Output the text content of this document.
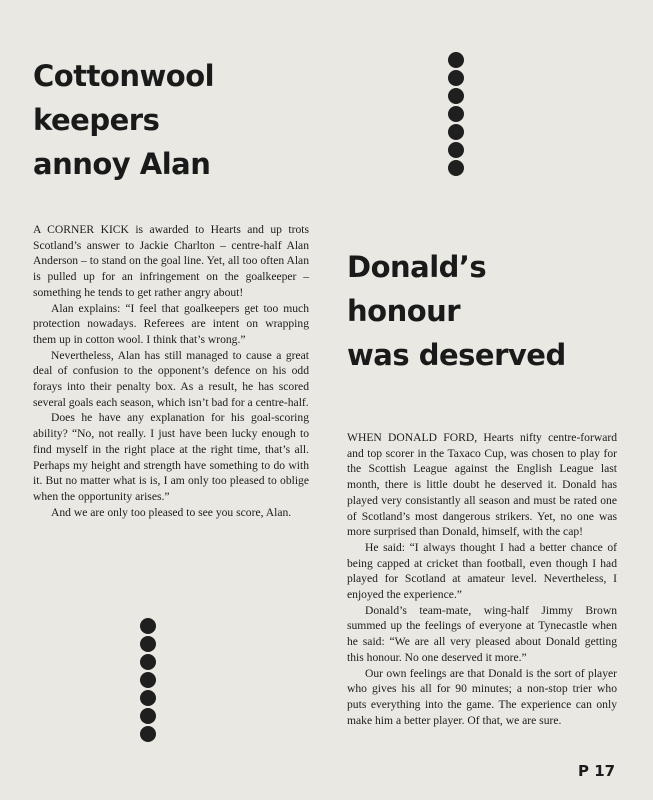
Cottonwool
keepers
annoy Alan

A CORNER KICK is awarded to Hearts and up trots Scotland’s answer to Jackie Charlton – centre-half Alan Anderson – to stand on the goal line. Yet, all too often Alan is pulled up for an infringement on the goalkeeper – something he tends to get rather angry about!

Alan explains: “I feel that goalkeepers get too much protection nowadays. Referees are intent on wrapping them up in cotton wool. I think that’s wrong.”

Nevertheless, Alan has still managed to cause a great deal of confusion to the opponent’s defence on his odd forays into their penalty box. As a result, he has scored several goals each season, which isn’t bad for a centre-half.

Does he have any explanation for his goal-scoring ability? “No, not really. I just have been lucky enough to find myself in the right place at the right time, that’s all. Perhaps my height and strength have something to do with it. But no matter what is is, I am only too pleased to oblige when the opportunity arises.”

And we are only too pleased to see you score, Alan.

Donald’s
honour
was deserved

WHEN DONALD FORD, Hearts nifty centre-forward and top scorer in the Taxaco Cup, was chosen to play for the Scottish League against the English League last month, there is little doubt he deserved it. Donald has played very consistantly all season and must be rated one of Scotland’s most dangerous strikers. Yet, no one was more surprised than Donald, himself, with the cap!

He said: “I always thought I had a better chance of being capped at cricket than football, even though I had played for Scotland at amateur level. Nevertheless, I enjoyed the experience.”

Donald’s team-mate, wing-half Jimmy Brown summed up the feelings of everyone at Tynecastle when he said: “We are all very pleased about Donald getting this honour. No one deserved it more.”

Our own feelings are that Donald is the sort of player who gives his all for 90 minutes; a non-stop trier who puts everything into the game. The experience can only make him a better player. Of that, we are sure.

P 17
